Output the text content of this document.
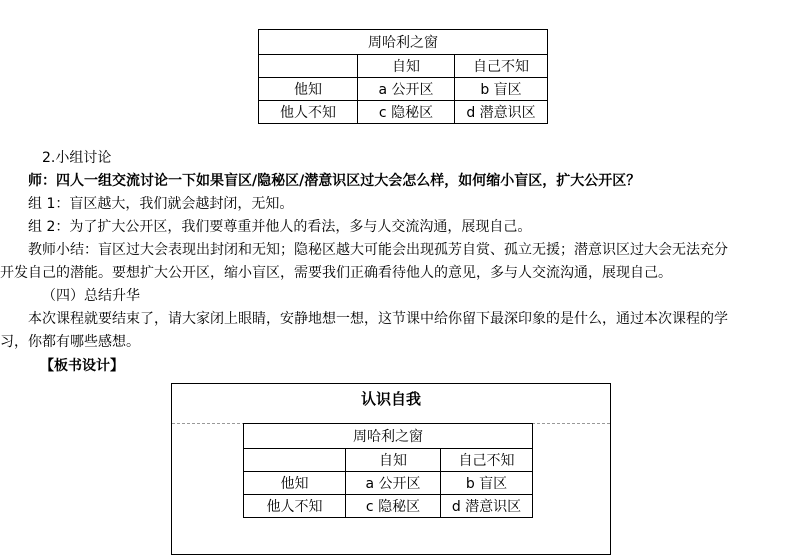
周哈利之窗		
	自知	自己不知
他知	a 公开区	b 盲区
他人不知	c 隐秘区	d 潜意识区
2.小组讨论
师：四人一组交流讨论一下如果盲区/隐秘区/潜意识区过大会怎么样，如何缩小盲区，扩大公开区？
组 1：盲区越大，我们就会越封闭，无知。
组 2：为了扩大公开区，我们要尊重并他人的看法，多与人交流沟通，展现自己。
教师小结：盲区过大会表现出封闭和无知；隐秘区越大可能会出现孤芳自赏、孤立无援；潜意识区过大会无法充分
开发自己的潜能。要想扩大公开区，缩小盲区，需要我们正确看待他人的意见，多与人交流沟通，展现自己。
（四）总结升华
本次课程就要结束了，请大家闭上眼睛，安静地想一想，这节课中给你留下最深印象的是什么，通过本次课程的学
习，你都有哪些感想。
【板书设计】
认识自我
周哈利之窗		
	自知	自己不知
他知	a 公开区	b 盲区
他人不知	c 隐秘区	d 潜意识区
